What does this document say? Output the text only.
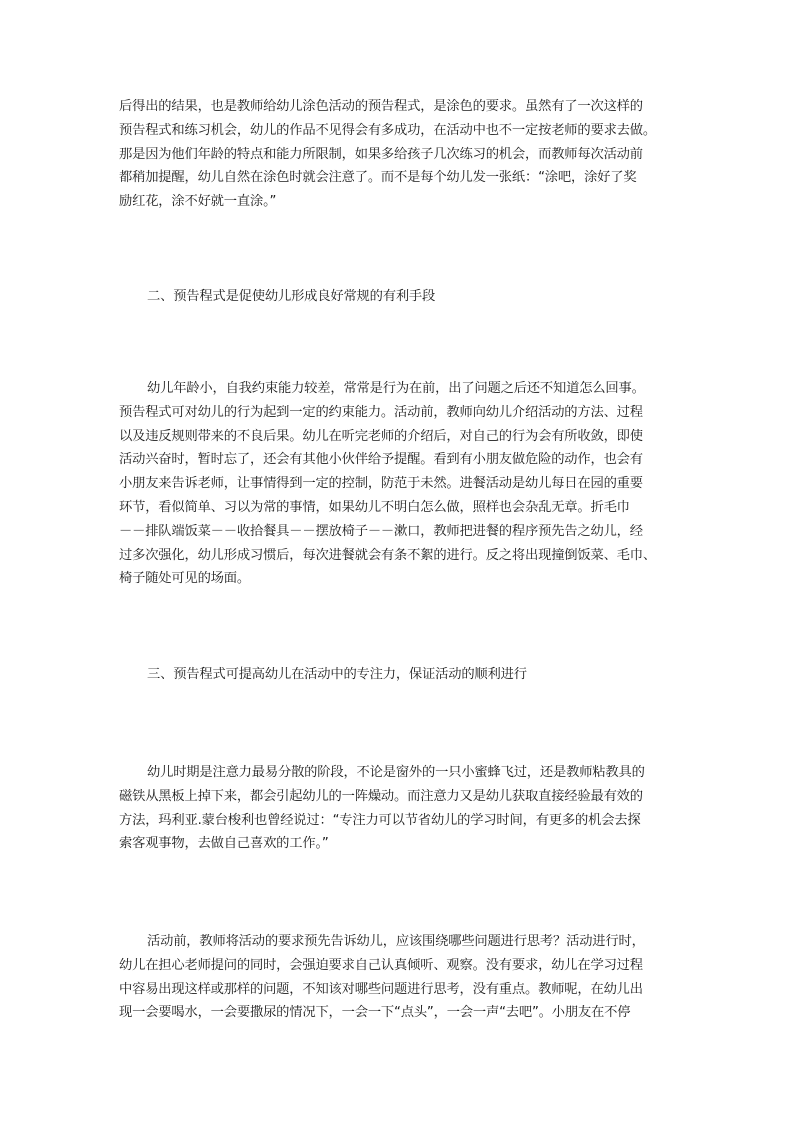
后得出的结果，也是教师给幼儿涂色活动的预告程式，是涂色的要求。虽然有了一次这样的
预告程式和练习机会，幼儿的作品不见得会有多成功，在活动中也不一定按老师的要求去做。
那是因为他们年龄的特点和能力所限制，如果多给孩子几次练习的机会，而教师每次活动前
都稍加提醒，幼儿自然在涂色时就会注意了。而不是每个幼儿发一张纸：“涂吧，涂好了奖
励红花，涂不好就一直涂。”
二、预告程式是促使幼儿形成良好常规的有利手段
幼儿年龄小，自我约束能力较差，常常是行为在前，出了问题之后还不知道怎么回事。
预告程式可对幼儿的行为起到一定的约束能力。活动前，教师向幼儿介绍活动的方法、过程
以及违反规则带来的不良后果。幼儿在听完老师的介绍后，对自己的行为会有所收敛，即使
活动兴奋时，暂时忘了，还会有其他小伙伴给予提醒。看到有小朋友做危险的动作，也会有
小朋友来告诉老师，让事情得到一定的控制，防范于未然。进餐活动是幼儿每日在园的重要
环节，看似简单、习以为常的事情，如果幼儿不明白怎么做，照样也会杂乱无章。折毛巾
－－排队端饭菜－－收拾餐具－－摆放椅子－－漱口，教师把进餐的程序预先告之幼儿，经
过多次强化，幼儿形成习惯后，每次进餐就会有条不絮的进行。反之将出现撞倒饭菜、毛巾、
椅子随处可见的场面。
三、预告程式可提高幼儿在活动中的专注力，保证活动的顺利进行
幼儿时期是注意力最易分散的阶段，不论是窗外的一只小蜜蜂飞过，还是教师粘教具的
磁铁从黑板上掉下来，都会引起幼儿的一阵燥动。而注意力又是幼儿获取直接经验最有效的
方法，玛利亚.蒙台梭利也曾经说过：“专注力可以节省幼儿的学习时间，有更多的机会去探
索客观事物，去做自己喜欢的工作。”
活动前，教师将活动的要求预先告诉幼儿，应该围绕哪些问题进行思考？活动进行时，
幼儿在担心老师提问的同时，会强迫要求自己认真倾听、观察。没有要求，幼儿在学习过程
中容易出现这样或那样的问题，不知该对哪些问题进行思考，没有重点。教师呢，在幼儿出
现一会要喝水，一会要撒尿的情况下，一会一下“点头”，一会一声“去吧”。小朋友在不停
